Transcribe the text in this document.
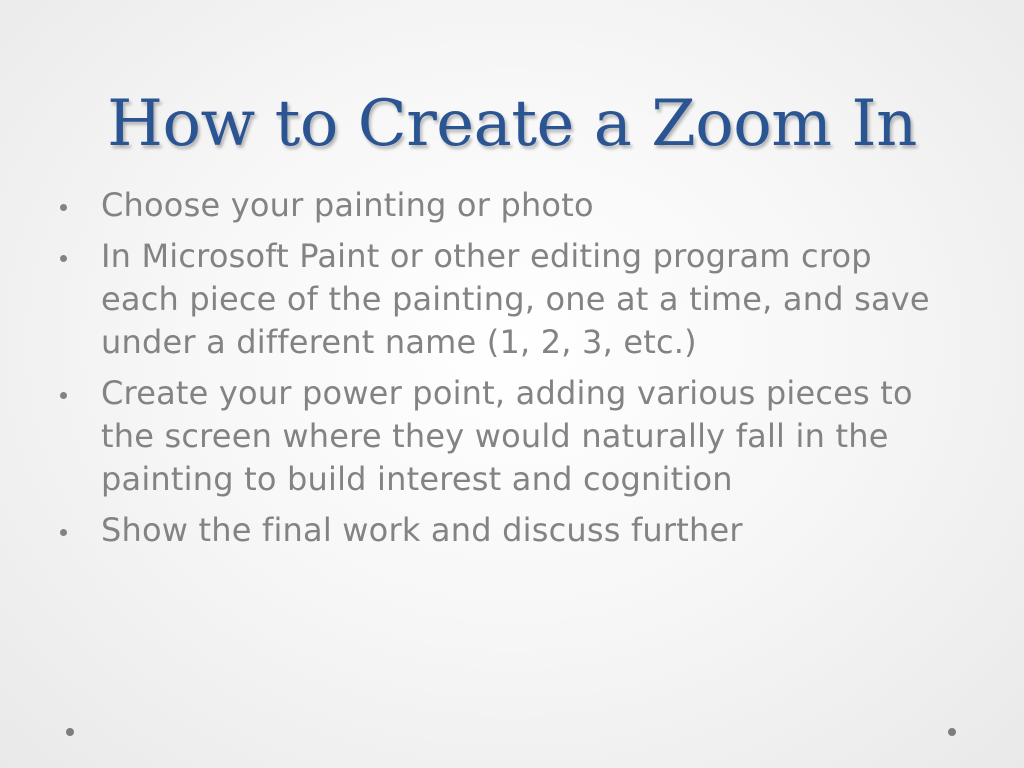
How to Create a Zoom In
Choose your painting or photo
In Microsoft Paint or other editing program crop each piece of the painting, one at a time, and save under a different name (1, 2, 3, etc.)
Create your power point, adding various pieces to the screen where they would naturally fall in the painting to build interest and cognition
Show the final work and discuss further
